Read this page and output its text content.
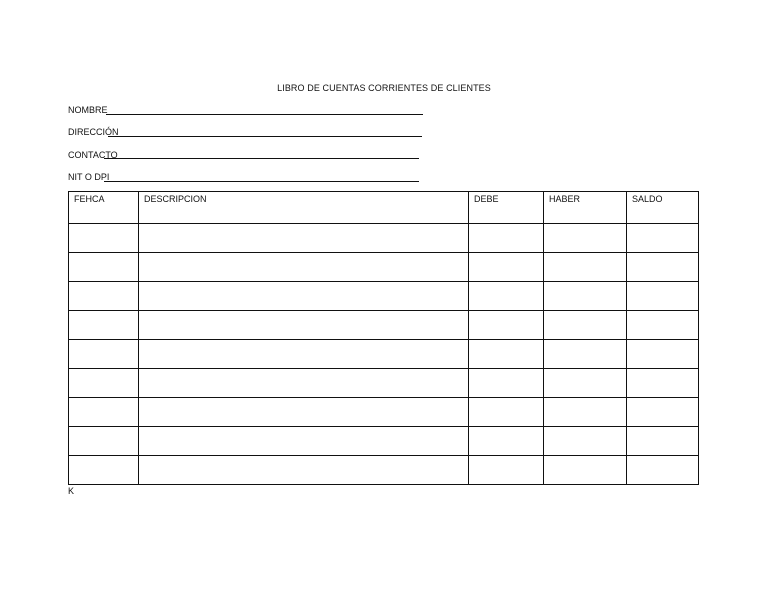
LIBRO DE CUENTAS CORRIENTES DE CLIENTES
NOMBRE
DIRECCIÓN
CONTACTO
NIT O DPI
FEHCA	DESCRIPCION	DEBE	HABER	SALDO

K
